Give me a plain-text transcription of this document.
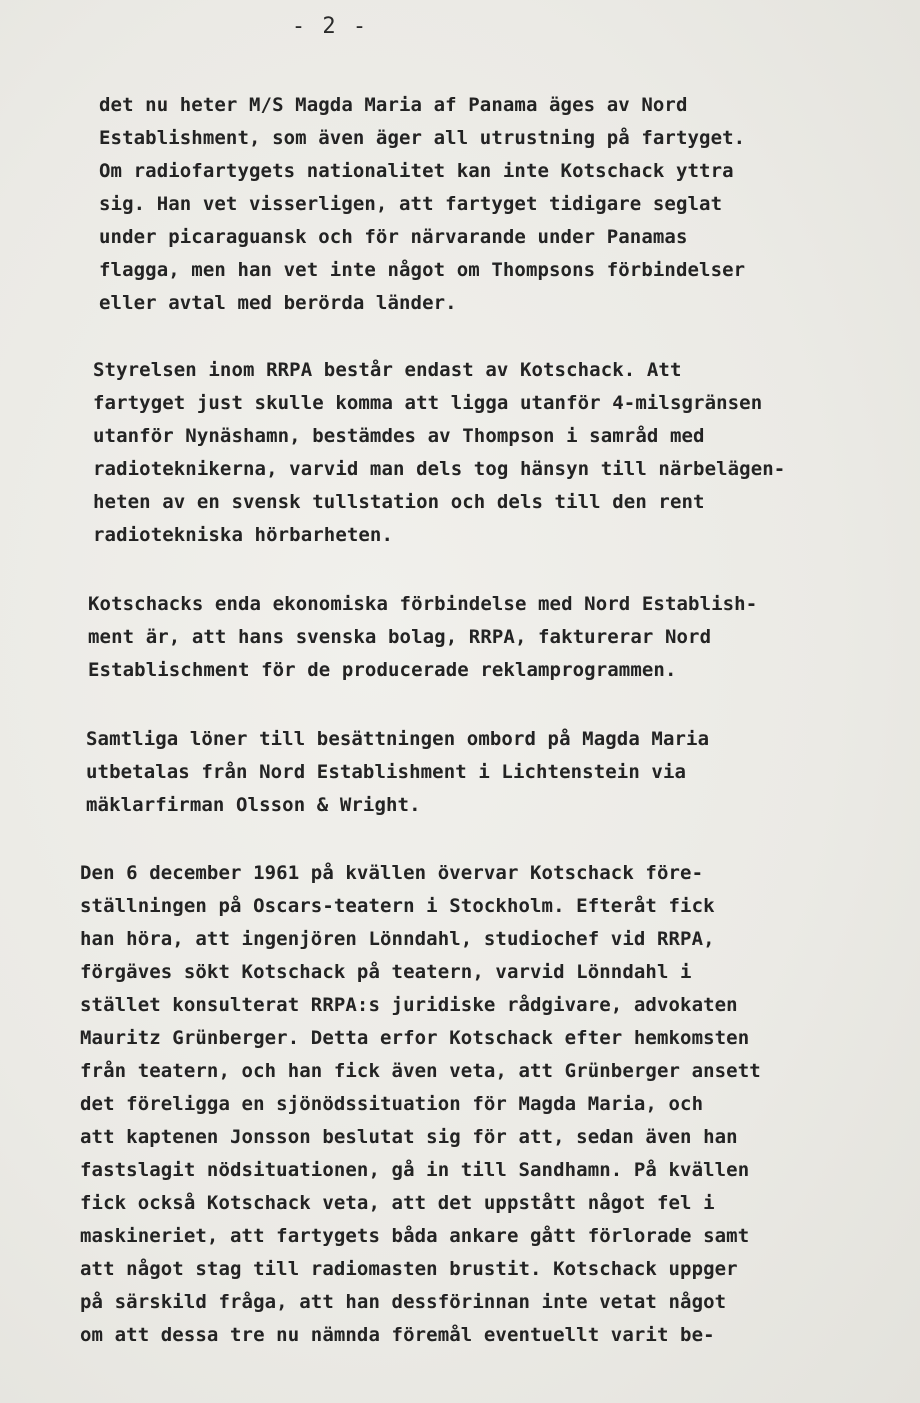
- 2 -
det nu heter M/S Magda Maria af Panama äges av Nord
Establishment, som även äger all utrustning på fartyget.
Om radiofartygets nationalitet kan inte Kotschack yttra
sig. Han vet visserligen, att fartyget tidigare seglat
under picaraguansk och för närvarande under Panamas
flagga, men han vet inte något om Thompsons förbindelser
eller avtal med berörda länder.
Styrelsen inom RRPA består endast av Kotschack. Att
fartyget just skulle komma att ligga utanför 4-milsgränsen
utanför Nynäshamn, bestämdes av Thompson i samråd med
radioteknikerna, varvid man dels tog hänsyn till närbelägen-
heten av en svensk tullstation och dels till den rent
radiotekniska hörbarheten.
Kotschacks enda ekonomiska förbindelse med Nord Establish-
ment är, att hans svenska bolag, RRPA, fakturerar Nord
Establischment för de producerade reklamprogrammen.
Samtliga löner till besättningen ombord på Magda Maria
utbetalas från Nord Establishment i Lichtenstein via
mäklarfirman Olsson & Wright.
Den 6 december 1961 på kvällen övervar Kotschack före-
ställningen på Oscars-teatern i Stockholm. Efteråt fick
han höra, att ingenjören Lönndahl, studiochef vid RRPA,
förgäves sökt Kotschack på teatern, varvid Lönndahl i
stället konsulterat RRPA:s juridiske rådgivare, advokaten
Mauritz Grünberger. Detta erfor Kotschack efter hemkomsten
från teatern, och han fick även veta, att Grünberger ansett
det föreligga en sjönödssituation för Magda Maria, och
att kaptenen Jonsson beslutat sig för att, sedan även han
fastslagit nödsituationen, gå in till Sandhamn. På kvällen
fick också Kotschack veta, att det uppstått något fel i
maskineriet, att fartygets båda ankare gått förlorade samt
att något stag till radiomasten brustit. Kotschack uppger
på särskild fråga, att han dessförinnan inte vetat något
om att dessa tre nu nämnda föremål eventuellt varit be-
